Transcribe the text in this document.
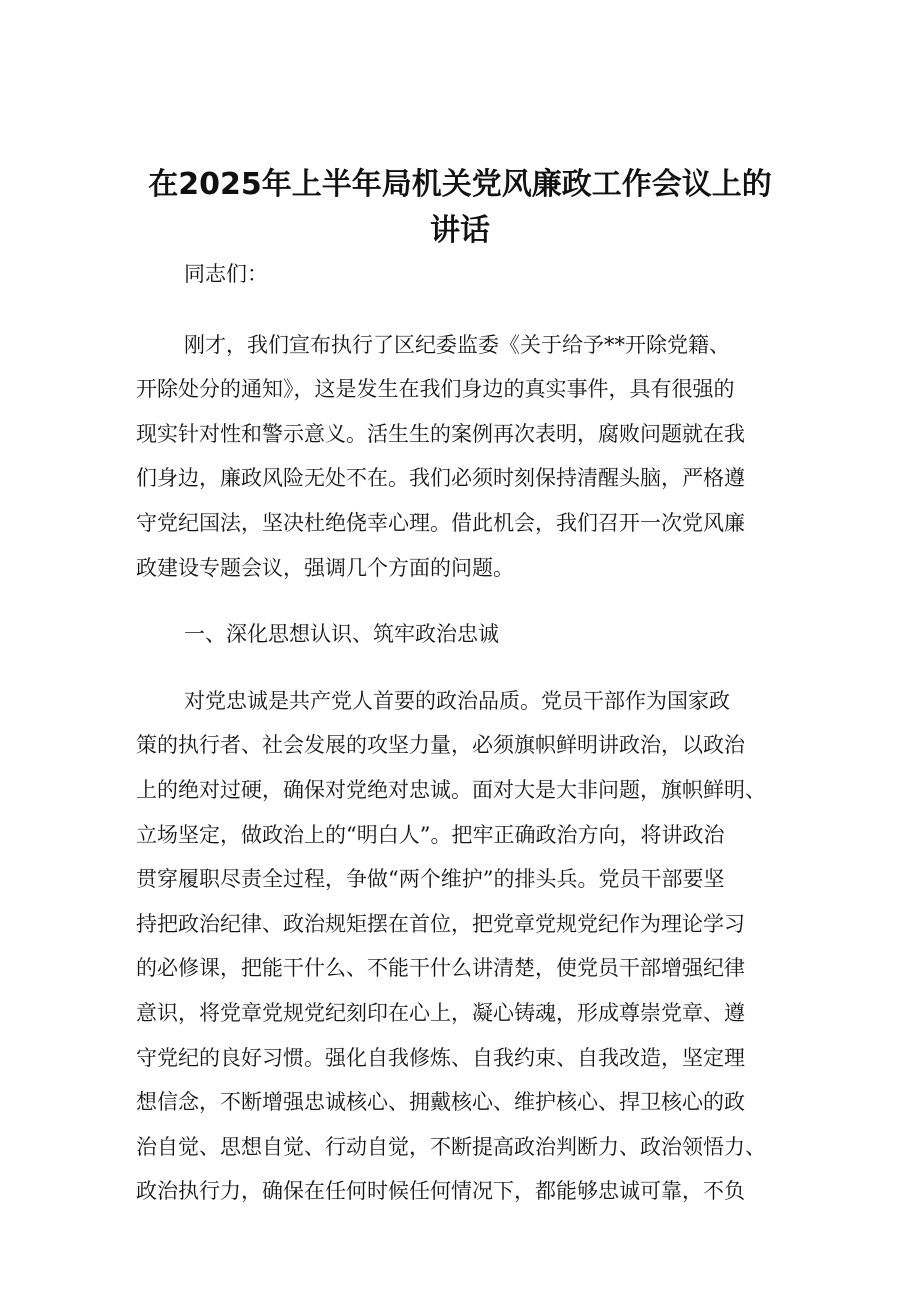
在2025年上半年局机关党风廉政工作会议上的
讲话
同志们：
刚才，我们宣布执行了区纪委监委《关于给予**开除党籍、
开除处分的通知》，这是发生在我们身边的真实事件，具有很强的
现实针对性和警示意义。活生生的案例再次表明，腐败问题就在我
们身边，廉政风险无处不在。我们必须时刻保持清醒头脑，严格遵
守党纪国法，坚决杜绝侥幸心理。借此机会，我们召开一次党风廉
政建设专题会议，强调几个方面的问题。
一、深化思想认识、筑牢政治忠诚
对党忠诚是共产党人首要的政治品质。党员干部作为国家政
策的执行者、社会发展的攻坚力量，必须旗帜鲜明讲政治，以政治
上的绝对过硬，确保对党绝对忠诚。面对大是大非问题，旗帜鲜明、
立场坚定，做政治上的“明白人”。把牢正确政治方向，将讲政治
贯穿履职尽责全过程，争做“两个维护”的排头兵。党员干部要坚
持把政治纪律、政治规矩摆在首位，把党章党规党纪作为理论学习
的必修课，把能干什么、不能干什么讲清楚，使党员干部增强纪律
意识，将党章党规党纪刻印在心上，凝心铸魂，形成尊崇党章、遵
守党纪的良好习惯。强化自我修炼、自我约束、自我改造，坚定理
想信念，不断增强忠诚核心、拥戴核心、维护核心、捍卫核心的政
治自觉、思想自觉、行动自觉，不断提高政治判断力、政治领悟力、
政治执行力，确保在任何时候任何情况下，都能够忠诚可靠，不负
